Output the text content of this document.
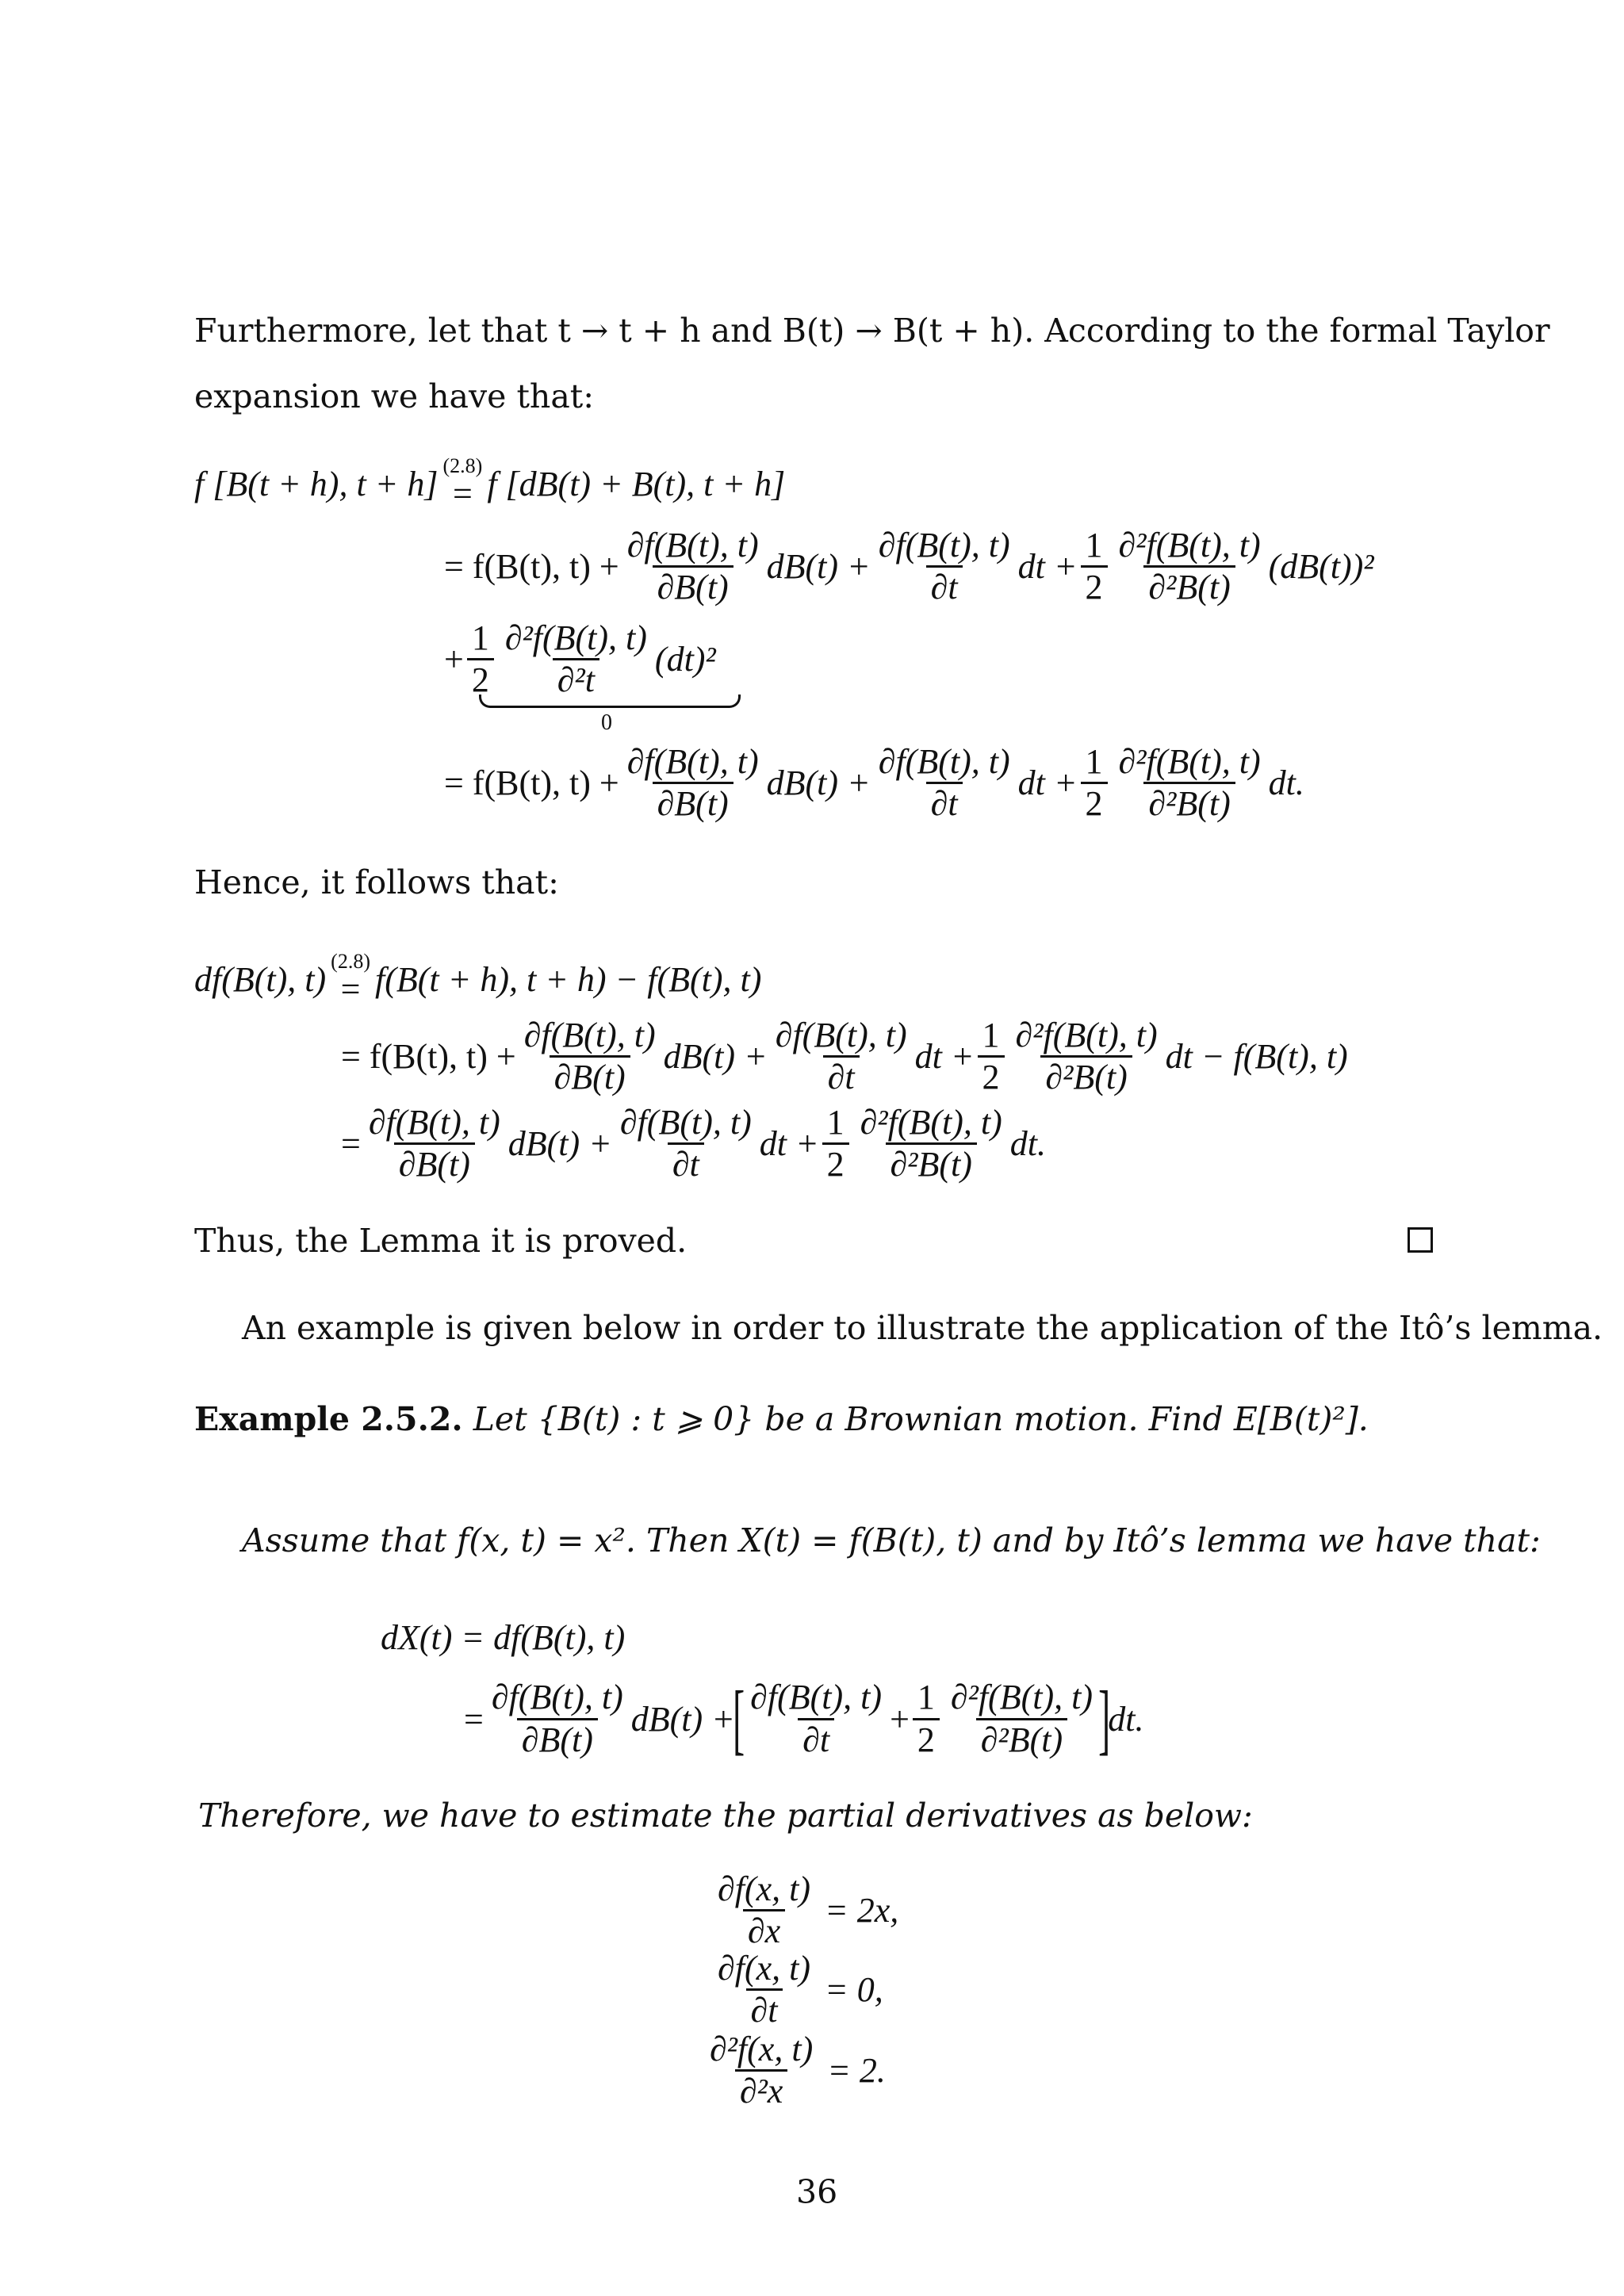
Furthermore, let that t → t + h and B(t) → B(t + h). According to the formal Taylor
expansion we have that:
f [B(t + h), t + h] (2.8)
= f [dB(t) + B(t), t + h]
= f(B(t), $t) + \frac{\partial f(B(t), t)}{\partial B(t)} dB(t) + \frac{\partial f(B(t), t)}{\partial t}$ dt + $\frac{1}{2} \frac{\text{∂²f(B(t), t)}}{\text{∂²B(t)}} (dB(t))^2$
+ $\frac{1}{2} \frac{\text{∂²f(B(t), t)}}{\text{∂²t}} (dt)^2$
0
= f(B(t), $t) + \frac{\partial f(B(t), t)}{\partial B(t)} dB(t) + \frac{\partial f(B(t), t)}{\partial t}$ dt + $\frac{1}{2} \frac{\text{∂²f(B(t), t)}}{\text{∂²B(t)}}$ dt.
Hence, it follows that:
df(B(t), t) (2.8)
= f(B(t + h), t + h) − f(B(t), t)
= f(B(t), $t) + \frac{\partial f(B(t), t)}{\partial B(t)} dB(t) + \frac{\partial f(B(t), t)}{\partial t}$ dt + $\frac{1}{2} \frac{\text{∂²f(B(t), t)}}{\text{∂²B(t)}}$ dt − f(B(t), t)
= $\frac{\partial f(B(t), t)}{\partial B(t)} dB(t) + \frac{\partial f(B(t), t)}{\partial t}$ dt + $\frac{1}{2} \frac{\text{∂²f(B(t), t)}}{\text{∂²B(t)}}$ dt.
Thus, the Lemma it is proved.
An example is given below in order to illustrate the application of the Itô’s lemma.
Example 2.5.2. Let {B(t) : t ⩾ 0} be a Brownian motion. Find E[B(t)²].
Assume that f(x, t) = x². Then X(t) = f(B(t), t) and by Itô’s lemma we have that:
dX(t) = df(B(t), t)
= $\frac{\partial f(B(t), t)}{\partial B(t)} dB(t)$ +
[ $\frac{\partial f(B(t), t)}{\partial t} + \frac{1}{2} \frac{\text{∂²f(B(t), t)}}{\text{∂²B(t)}}$ ]
dt.
Therefore, we have to estimate the partial derivatives as below:
$\frac{\partial f(x, t)}{\partial x} = 2x$,
$\frac{\partial f(x, t)}{\partial t} = 0$,
$\frac{\text{∂²f(x, t)}}{\text{∂²x}} = 2$.
36
